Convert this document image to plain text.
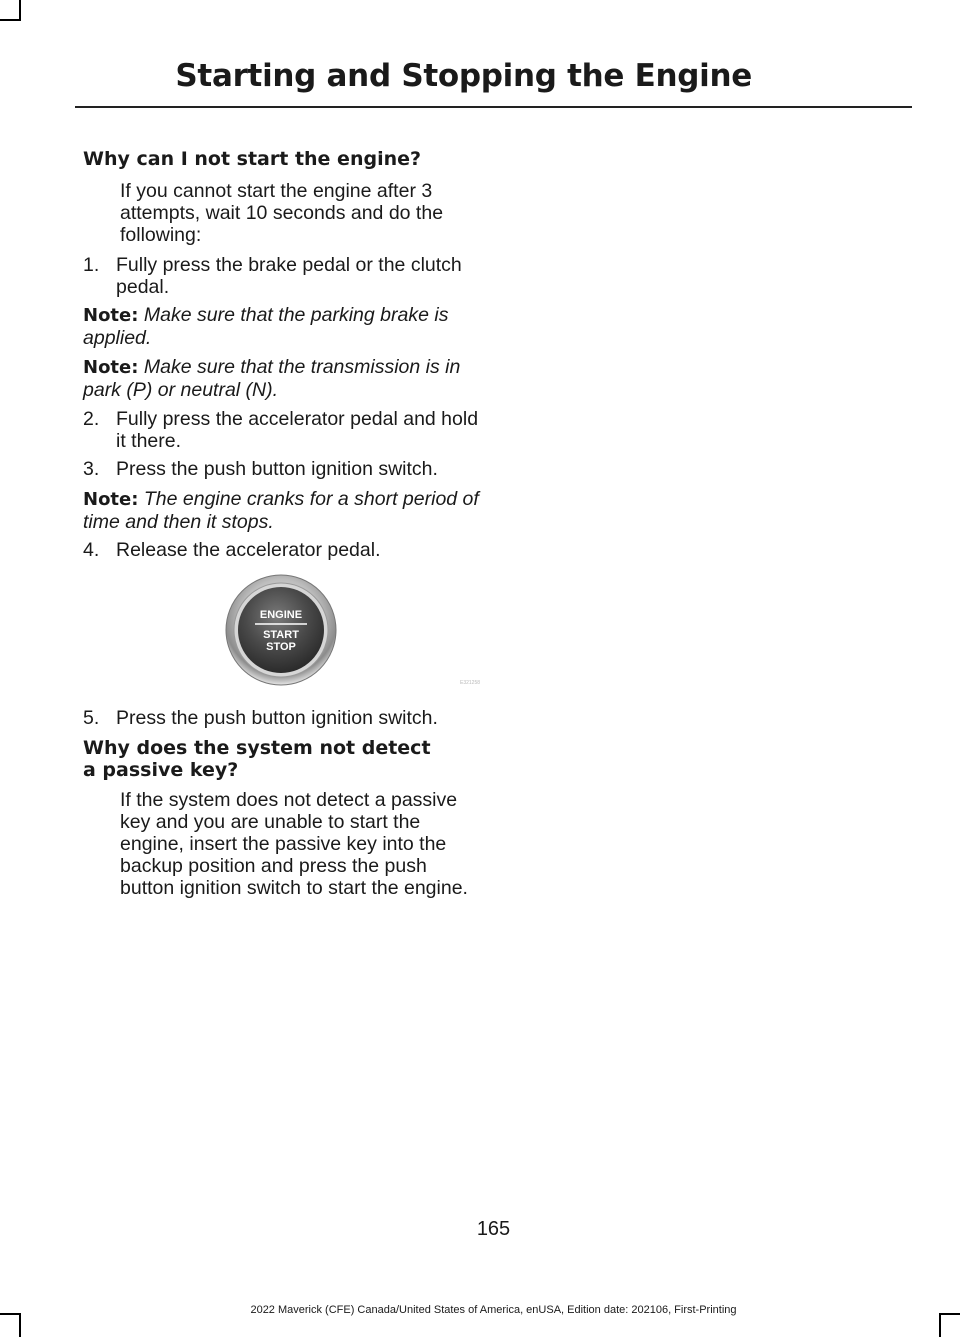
Starting and Stopping the Engine
Why can I not start the engine?
If you cannot start the engine after 3 attempts, wait 10 seconds and do the following:
1. Fully press the brake pedal or the clutch pedal.
Note: Make sure that the parking brake is applied.
Note: Make sure that the transmission is in park (P) or neutral (N).
2. Fully press the accelerator pedal and hold it there.
3. Press the push button ignition switch.
Note: The engine cranks for a short period of time and then it stops.
4. Release the accelerator pedal.
ENGINE
START
STOP
E321258
5. Press the push button ignition switch.
Why does the system not detect a passive key?
If the system does not detect a passive key and you are unable to start the engine, insert the passive key into the backup position and press the push button ignition switch to start the engine.
165
2022 Maverick (CFE) Canada/United States of America, enUSA, Edition date: 202106, First-Printing
